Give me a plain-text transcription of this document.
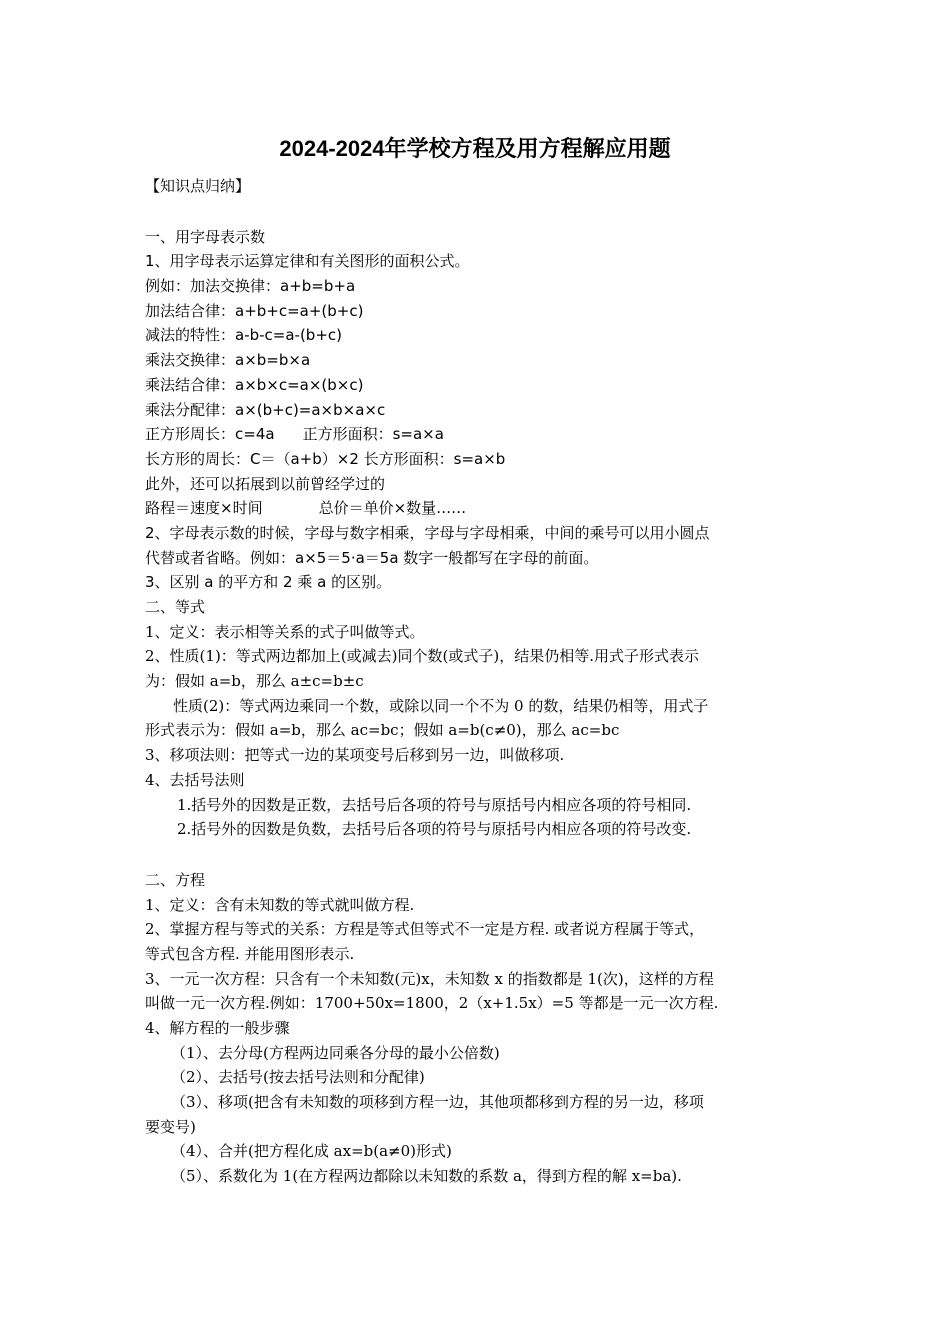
2024-2024年学校方程及用方程解应用题
【知识点归纳】
一、用字母表示数
1、用字母表示运算定律和有关图形的面积公式。
例如：加法交换律：a+b=b+a
加法结合律：a+b+c=a+(b+c)
减法的特性：a-b-c=a-(b+c)
乘法交换律：a×b=b×a
乘法结合律：a×b×c=a×(b×c)
乘法分配律：a×(b+c)=a×b×a×c
正方形周长：c=4a 正方形面积：s=a×a
长方形的周长：C＝（a+b）×2 长方形面积：s=a×b
此外，还可以拓展到以前曾经学过的
路程＝速度×时间	总价＝单价×数量……
2、字母表示数的时候，字母与数字相乘，字母与字母相乘，中间的乘号可以用小圆点
代替或者省略。例如：a×5＝5·a＝5a 数字一般都写在字母的前面。
3、区别 a 的平方和 2 乘 a 的区别。
二、等式
1、定义：表示相等关系的式子叫做等式。
2、性质(1)：等式两边都加上(或减去)同个数(或式子)，结果仍相等.用式子形式表示
为：假如 a=b，那么 a±c=b±c
性质(2)：等式两边乘同一个数，或除以同一个不为 0 的数，结果仍相等，用式子
形式表示为：假如 a=b，那么 ac=bc；假如 a=b(c≠0)，那么 ac=bc
3、移项法则：把等式一边的某项变号后移到另一边，叫做移项.
4、去括号法则
1.括号外的因数是正数，去括号后各项的符号与原括号内相应各项的符号相同.
2.括号外的因数是负数，去括号后各项的符号与原括号内相应各项的符号改变.
二、方程
1、定义：含有未知数的等式就叫做方程.
2、掌握方程与等式的关系：方程是等式但等式不一定是方程. 或者说方程属于等式，
等式包含方程. 并能用图形表示.
3、一元一次方程：只含有一个未知数(元)x，未知数 x 的指数都是 1(次)，这样的方程
叫做一元一次方程.例如：1700+50x=1800，2（x+1.5x）=5 等都是一元一次方程.
4、解方程的一般步骤
（1）、去分母(方程两边同乘各分母的最小公倍数)
（2）、去括号(按去括号法则和分配律)
（3）、移项(把含有未知数的项移到方程一边，其他项都移到方程的另一边，移项
要变号)
（4）、合并(把方程化成 ax=b(a≠0)形式)
（5）、系数化为 1(在方程两边都除以未知数的系数 a，得到方程的解 x=ba).
